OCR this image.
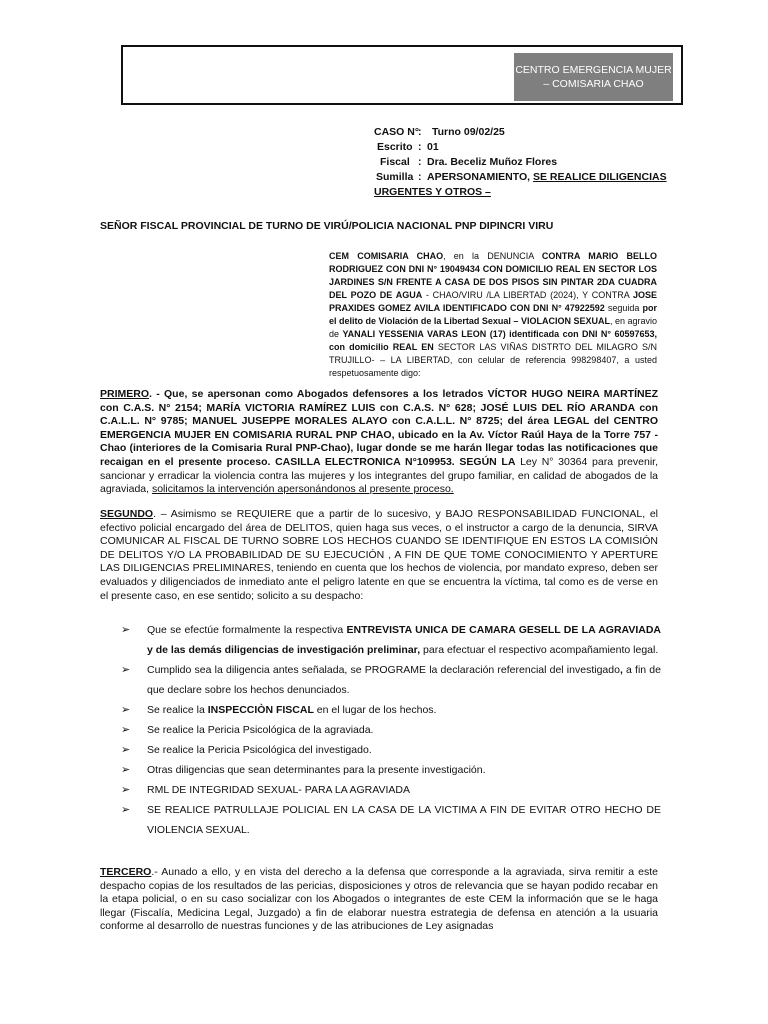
CENTRO EMERGENCIA MUJER
– COMISARIA CHAO
CASO N°
:	Turno 09/02/25
Escrito : 01
Fiscal : Dra. Beceliz Muñoz Flores
Sumilla : APERSONAMIENTO, SE REALICE DILIGENCIAS
URGENTES Y OTROS –
SEÑOR FISCAL PROVINCIAL DE TURNO DE VIRÚ/POLICIA NACIONAL PNP DIPINCRI VIRU
CEM COMISARIA CHAO, en la DENUNCIA CONTRA MARIO BELLO RODRIGUEZ CON DNI N° 19049434 CON DOMICILIO REAL EN SECTOR LOS JARDINES S/N FRENTE A CASA DE DOS PISOS SIN PINTAR 2DA CUADRA DEL POZO DE AGUA - CHAO/VIRU /LA LIBERTAD (2024), Y CONTRA JOSE PRAXIDES GOMEZ AVILA IDENTIFICADO CON DNI N° 47922592 seguida por el delito de Violación de la Libertad Sexual – VIOLACION SEXUAL, en agravio de YANALI YESSENIA VARAS LEON (17) identificada con DNI N° 60597653, con domicilio REAL EN SECTOR LAS VIÑAS DISTRTO DEL MILAGRO S/N TRUJILLO- – LA LIBERTAD, con celular de referencia 998298407, a usted respetuosamente digo:
PRIMERO. - Que, se apersonan como Abogados defensores a los letrados VÍCTOR HUGO NEIRA MARTÍNEZ con C.A.S. N° 2154; MARÍA VICTORIA RAMÍREZ LUIS con C.A.S. N° 628; JOSÉ LUIS DEL RÍO ARANDA con C.A.L.L. N° 9785; MANUEL JUSEPPE MORALES ALAYO con C.A.L.L. N° 8725; del área LEGAL del CENTRO EMERGENCIA MUJER EN COMISARIA RURAL PNP CHAO, ubicado en la Av. Víctor Raúl Haya de la Torre 757 - Chao (interiores de la Comisaria Rural PNP-Chao), lugar donde se me harán llegar todas las notificaciones que recaigan en el presente proceso. CASILLA ELECTRONICA N°109953. SEGÚN LA Ley N° 30364 para prevenir, sancionar y erradicar la violencia contra las mujeres y los integrantes del grupo familiar, en calidad de abogados de la agraviada, solicitamos la intervención apersonándonos al presente proceso.
SEGUNDO. – Asimismo se REQUIERE que a partir de lo sucesivo, y BAJO RESPONSABILIDAD FUNCIONAL, el efectivo policial encargado del área de DELITOS, quien haga sus veces, o el instructor a cargo de la denuncia, SIRVA COMUNICAR AL FISCAL DE TURNO SOBRE LOS HECHOS CUANDO SE IDENTIFIQUE EN ESTOS LA COMISIÓN DE DELITOS Y/O LA PROBABILIDAD DE SU EJECUCIÓN , A FIN DE QUE TOME CONOCIMIENTO Y APERTURE LAS DILIGENCIAS PRELIMINARES, teniendo en cuenta que los hechos de violencia, por mandato expreso, deben ser evaluados y diligenciados de inmediato ante el peligro latente en que se encuentra la víctima, tal como es de verse en el presente caso, en ese sentido; solicito a su despacho:
➢ Que se efectúe formalmente la respectiva ENTREVISTA UNICA DE CAMARA GESELL DE LA AGRAVIADA y de las demás diligencias de investigación preliminar, para efectuar el respectivo acompañamiento legal.
➢ Cumplido sea la diligencia antes señalada, se PROGRAME la declaración referencial del investigado, a fin de que declare sobre los hechos denunciados.
➢ Se realice la INSPECCIÒN FISCAL en el lugar de los hechos.
➢ Se realice la Pericia Psicológica de la agraviada.
➢ Se realice la Pericia Psicológica del investigado.
➢ Otras diligencias que sean determinantes para la presente investigación.
➢ RML DE INTEGRIDAD SEXUAL- PARA LA AGRAVIADA
➢ SE REALICE PATRULLAJE POLICIAL EN LA CASA DE LA VICTIMA A FIN DE EVITAR OTRO HECHO DE VIOLENCIA SEXUAL.
TERCERO.- Aunado a ello, y en vista del derecho a la defensa que corresponde a la agraviada, sirva remitir a este despacho copias de los resultados de las pericias, disposiciones y otros de relevancia que se hayan podido recabar en la etapa policial, o en su caso socializar con los Abogados o integrantes de este CEM la información que se le haga llegar (Fiscalía, Medicina Legal, Juzgado) a fin de elaborar nuestra estrategia de defensa en atención a la usuaria conforme al desarrollo de nuestras funciones y de las atribuciones de Ley asignadas
